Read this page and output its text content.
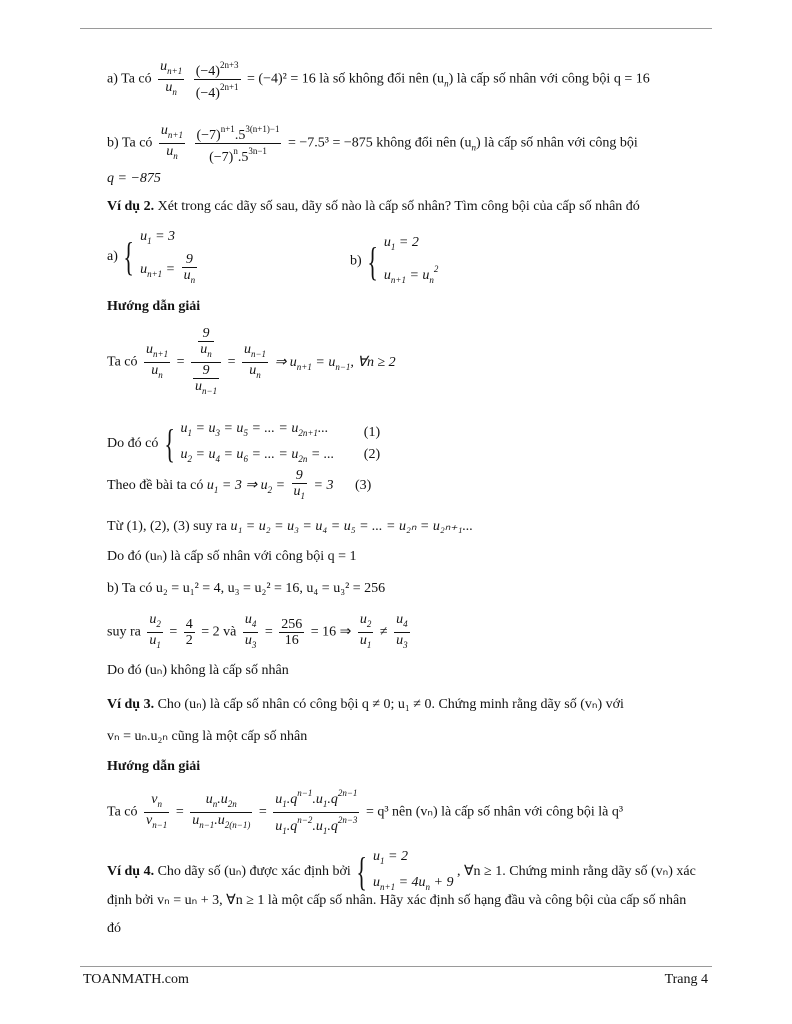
a) Ta có $\frac{u_{n+1}}{u_n}$
$\frac{(-4)^{2n+3}}{(-4)^{2n+1}} = (-4)^2 = 16$ là số không đổi nên $(u_n)$ là cấp số nhân với công bội q = 16
b) Ta có $\frac{u_{n+1}}{u_n}$
$\frac{(-7)^{n+1}.5^{3(n+1)-1}}{(-7)^n.5^{3n-1}} = -7.5^3 = -875$ không đổi nên $(u_n)$ là cấp số nhân với công bội
q = −875
Ví dụ 2. Xét trong các dãy số sau, dãy số nào là cấp số nhân? Tìm công bội của cấp số nhân đó
a) { $u_1 = 3$
$u_{n+1} = \frac{9}{u_n}$	b) { $u_1 = 2$
$u_{n+1} = u_n^2$
Hướng dẫn giải
Ta có $\frac{u_{n+1}}{u_n} = \frac{\frac{9}{u_n}}{\frac{9}{u_{n-1}}} = \frac{u_{n-1}}{u_n}$ ⇒ $u_{n+1} = u_{n-1}$, ∀n ≥ 2
Do đó có { $u_1 = u_3 = u_5$ = ... = $u_{2n+1}$...
$u_2 = u_4 = u_6$ = ... = $u_{2n}$ = ...

(1)
(2)
Theo đề bài ta có $u_1 = 3$ ⇒ $u_2 = \frac{9}{u_1} = 3$ (3)
Từ (1), (2), (3) suy ra u₁ = u₂ = u₃ = u₄ = u₅ = ... = u₂ₙ = u₂ₙ₊₁...
Do đó (uₙ) là cấp số nhân với công bội q = 1
b) Ta có u₂ = u₁² = 4, u₃ = u₂² = 16, u₄ = u₃² = 256
suy ra $\frac{u_2}{u_1} = \frac{4}{2} = 2$ và $\frac{u_4}{u_3} = \frac{256}{16} = 16$ ⇒ $\frac{u_2}{u_1} \ne \frac{u_4}{u_3}$
Do đó (uₙ) không là cấp số nhân
Ví dụ 3. Cho (uₙ) là cấp số nhân có công bội q ≠ 0; u₁ ≠ 0. Chứng minh rằng dãy số (vₙ) với
vₙ = uₙ.u₂ₙ cũng là một cấp số nhân
Hướng dẫn giải
Ta có $\frac{v_n}{v_{n-1}} = \frac{u_n.u_{2n}}{u_{n-1}.u_{2(n-1)}} = \frac{u_1.q^{n-1}.u_1.q^{2n-1}}{u_1.q^{n-2}.u_1.q^{2n-3}} = q^3$ nên (vₙ) là cấp số nhân với công bội là q³
Ví dụ 4. Cho dãy số (uₙ) được xác định bởi { $u_1 = 2$
$u_{n+1} = 4u_n + 9$
, ∀n ≥ 1. Chứng minh rằng dãy số (vₙ) xác
định bởi vₙ = uₙ + 3, ∀n ≥ 1 là một cấp số nhân. Hãy xác định số hạng đầu và công bội của cấp số nhân
đó
TOANMATH.com	Trang 4
